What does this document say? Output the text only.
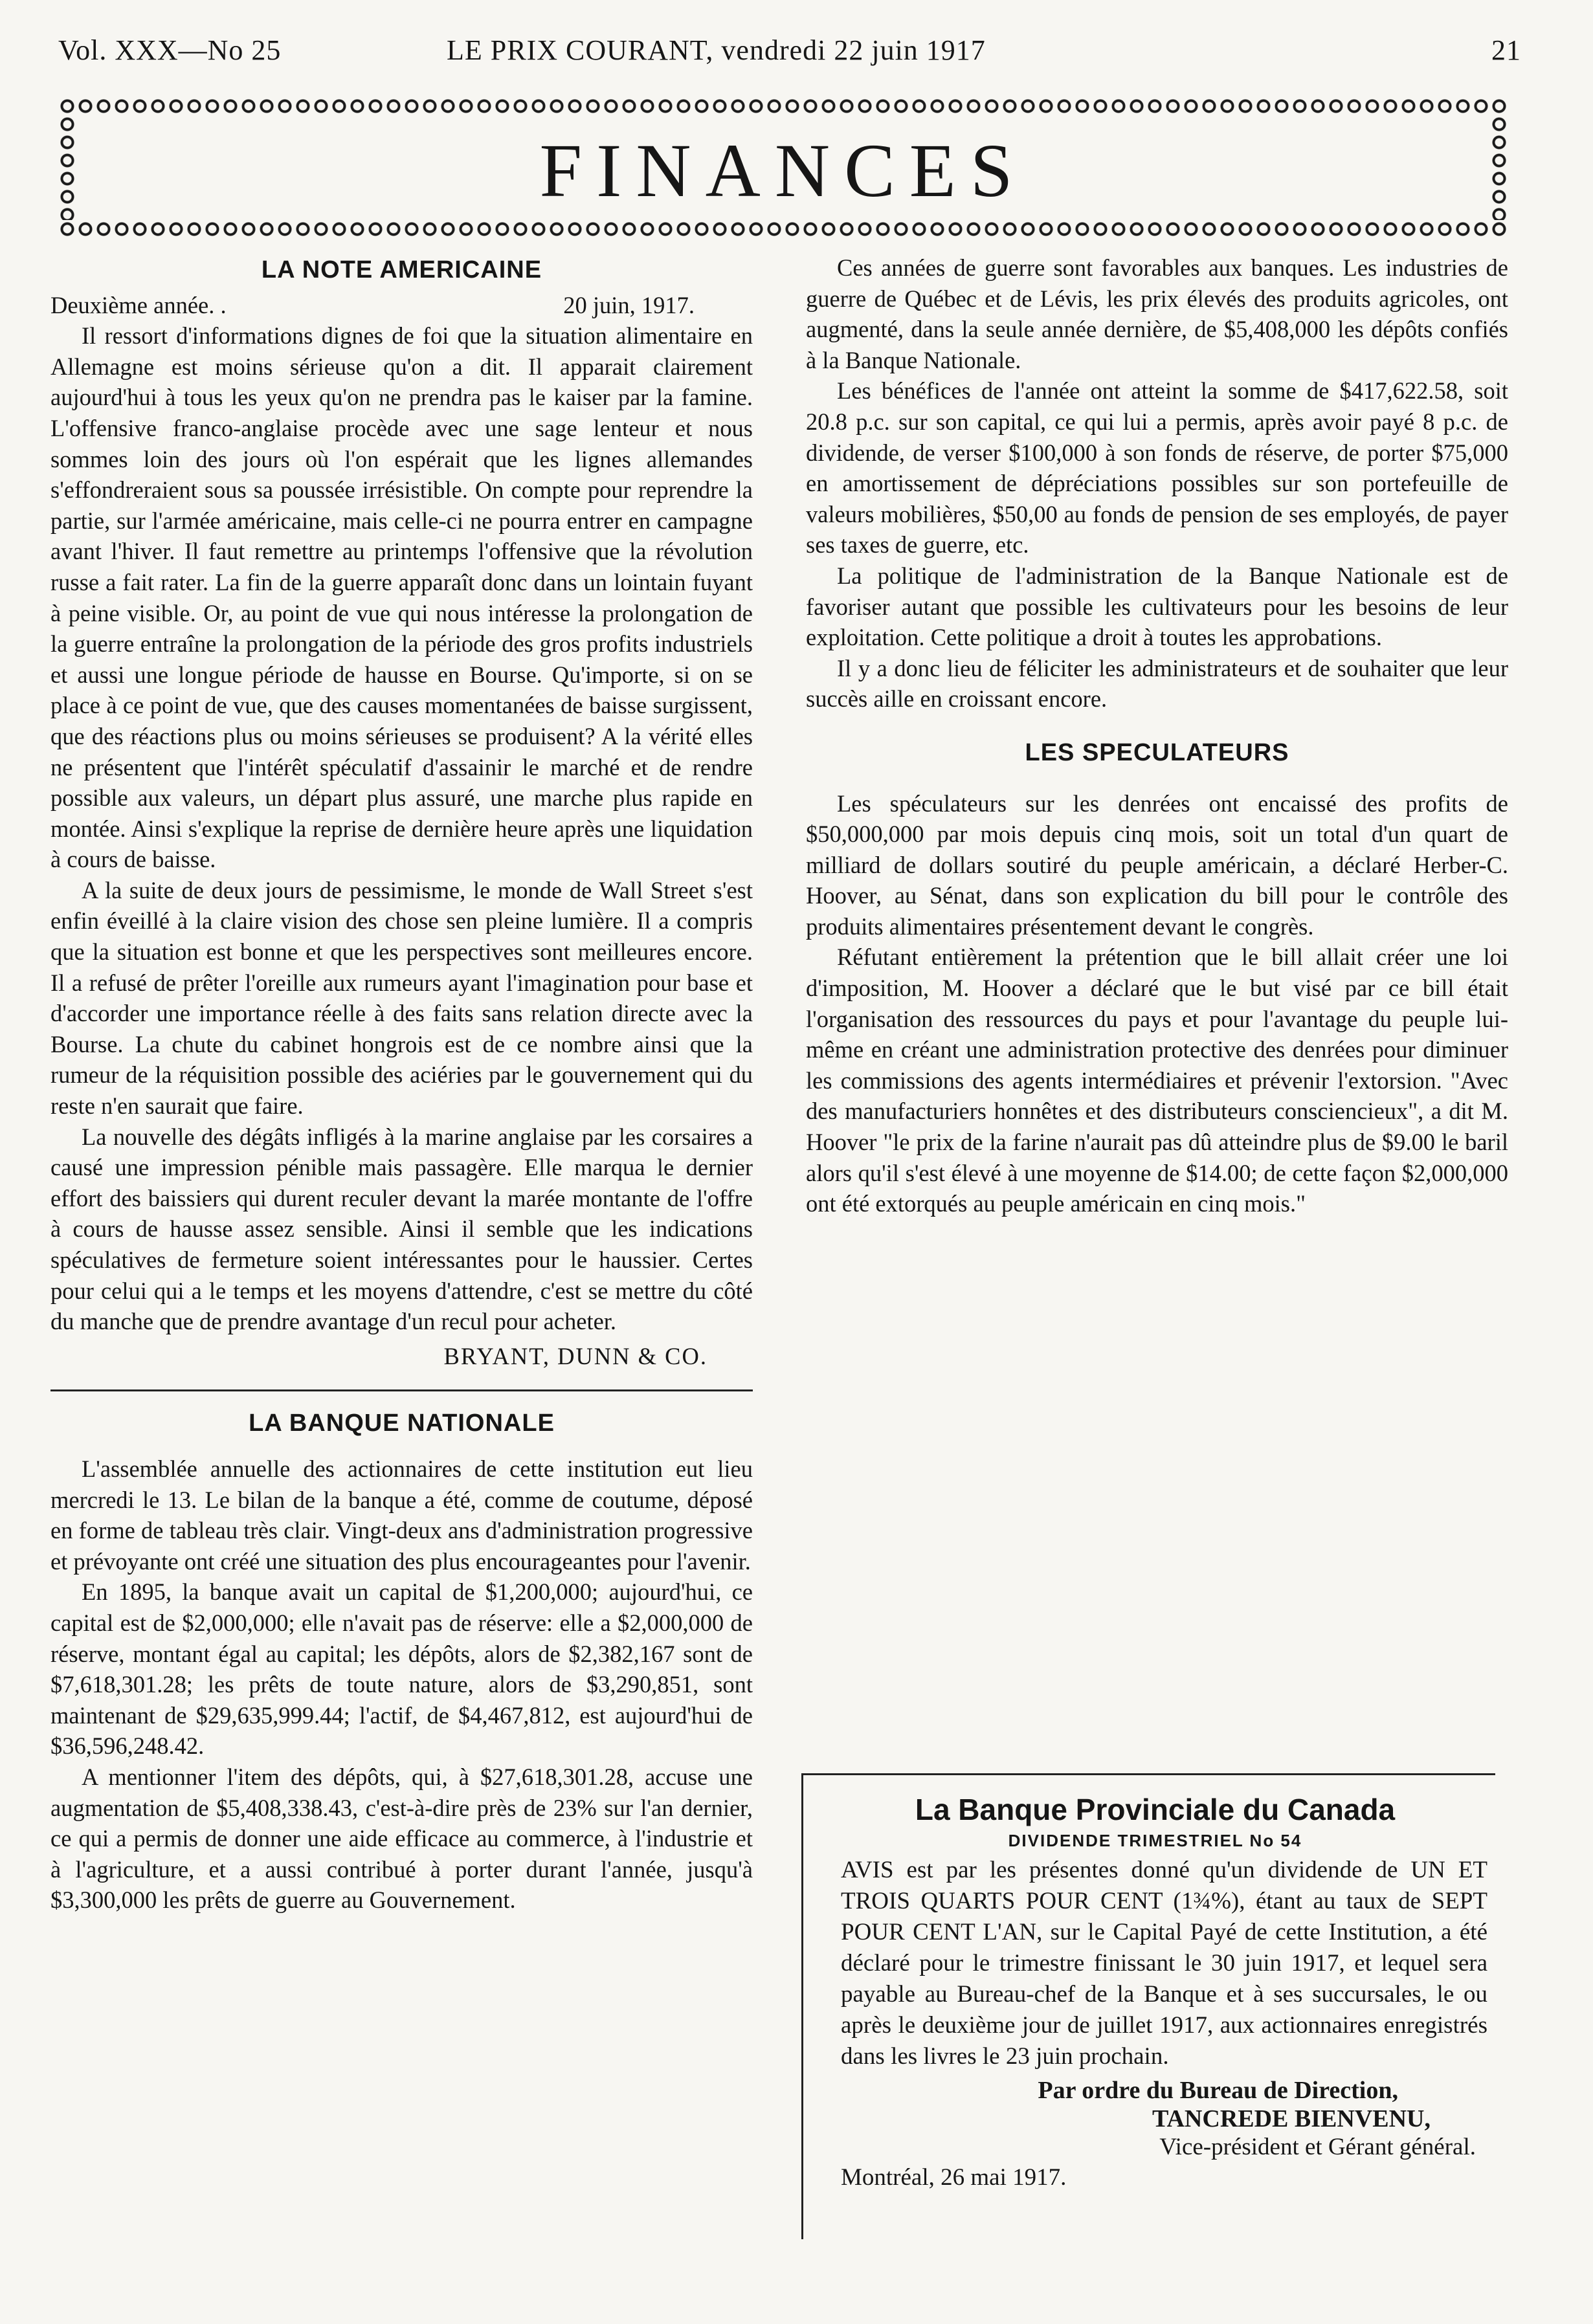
Vol. XXX—No 25	LE PRIX COURANT, vendredi 22 juin 1917	21
FINANCES
LA NOTE AMERICAINE
Deuxième année. .	20 juin, 1917.

Il ressort d'informations dignes de foi que la situation alimentaire en Allemagne est moins sérieuse qu'on a dit. Il apparait clairement aujourd'hui à tous les yeux qu'on ne prendra pas le kaiser par la famine. L'offensive franco-anglaise procède avec une sage lenteur et nous sommes loin des jours où l'on espérait que les lignes allemandes s'effondreraient sous sa poussée irrésistible. On compte pour reprendre la partie, sur l'armée américaine, mais celle-ci ne pourra entrer en campagne avant l'hiver. Il faut remettre au printemps l'offensive que la révolution russe a fait rater. La fin de la guerre apparaît donc dans un lointain fuyant à peine visible. Or, au point de vue qui nous intéresse la prolongation de la guerre entraîne la prolongation de la période des gros profits industriels et aussi une longue période de hausse en Bourse. Qu'importe, si on se place à ce point de vue, que des causes momentanées de baisse surgissent, que des réactions plus ou moins sérieuses se produisent? A la vérité elles ne présentent que l'intérêt spéculatif d'assainir le marché et de rendre possible aux valeurs, un départ plus assuré, une marche plus rapide en montée. Ainsi s'explique la reprise de dernière heure après une liquidation à cours de baisse.

A la suite de deux jours de pessimisme, le monde de Wall Street s'est enfin éveillé à la claire vision des chose sen pleine lumière. Il a compris que la situation est bonne et que les perspectives sont meilleures encore. Il a refusé de prêter l'oreille aux rumeurs ayant l'imagination pour base et d'accorder une importance réelle à des faits sans relation directe avec la Bourse. La chute du cabinet hongrois est de ce nombre ainsi que la rumeur de la réquisition possible des aciéries par le gouvernement qui du reste n'en saurait que faire.

La nouvelle des dégâts infligés à la marine anglaise par les corsaires a causé une impression pénible mais passagère. Elle marqua le dernier effort des baissiers qui durent reculer devant la marée montante de l'offre à cours de hausse assez sensible. Ainsi il semble que les indications spéculatives de fermeture soient intéressantes pour le haussier. Certes pour celui qui a le temps et les moyens d'attendre, c'est se mettre du côté du manche que de prendre avantage d'un recul pour acheter.

BRYANT, DUNN & CO.
LA BANQUE NATIONALE

L'assemblée annuelle des actionnaires de cette institution eut lieu mercredi le 13. Le bilan de la banque a été, comme de coutume, déposé en forme de tableau très clair. Vingt-deux ans d'administration progressive et prévoyante ont créé une situation des plus encourageantes pour l'avenir.

En 1895, la banque avait un capital de $1,200,000; aujourd'hui, ce capital est de $2,000,000; elle n'avait pas de réserve: elle a $2,000,000 de réserve, montant égal au capital; les dépôts, alors de $2,382,167 sont de $7,618,301.28; les prêts de toute nature, alors de $3,290,851, sont maintenant de $29,635,999.44; l'actif, de $4,467,812, est aujourd'hui de $36,596,248.42.

A mentionner l'item des dépôts, qui, à $27,618,301.28, accuse une augmentation de $5,408,338.43, c'est-à-dire près de 23% sur l'an dernier, ce qui a permis de donner une aide efficace au commerce, à l'industrie et à l'agriculture, et a aussi contribué à porter durant l'année, jusqu'à $3,300,000 les prêts de guerre au Gouvernement.

Ces années de guerre sont favorables aux banques. Les industries de guerre de Québec et de Lévis, les prix élevés des produits agricoles, ont augmenté, dans la seule année dernière, de $5,408,000 les dépôts confiés à la Banque Nationale.

Les bénéfices de l'année ont atteint la somme de $417,622.58, soit 20.8 p.c. sur son capital, ce qui lui a permis, après avoir payé 8 p.c. de dividende, de verser $100,000 à son fonds de réserve, de porter $75,000 en amortissement de dépréciations possibles sur son portefeuille de valeurs mobilières, $50,00 au fonds de pension de ses employés, de payer ses taxes de guerre, etc.

La politique de l'administration de la Banque Nationale est de favoriser autant que possible les cultivateurs pour les besoins de leur exploitation. Cette politique a droit à toutes les approbations.

Il y a donc lieu de féliciter les administrateurs et de souhaiter que leur succès aille en croissant encore.

LES SPECULATEURS

Les spéculateurs sur les denrées ont encaissé des profits de $50,000,000 par mois depuis cinq mois, soit un total d'un quart de milliard de dollars soutiré du peuple américain, a déclaré Herber-C. Hoover, au Sénat, dans son explication du bill pour le contrôle des produits alimentaires présentement devant le congrès.

Réfutant entièrement la prétention que le bill allait créer une loi d'imposition, M. Hoover a déclaré que le but visé par ce bill était l'organisation des ressources du pays et pour l'avantage du peuple lui-même en créant une administration protective des denrées pour diminuer les commissions des agents intermédiaires et prévenir l'extorsion. "Avec des manufacturiers honnêtes et des distributeurs consciencieux", a dit M. Hoover "le prix de la farine n'aurait pas dû atteindre plus de $9.00 le baril alors qu'il s'est élevé à une moyenne de $14.00; de cette façon $2,000,000 ont été extorqués au peuple américain en cinq mois."

La Banque Provinciale du Canada
DIVIDENDE TRIMESTRIEL No 54
AVIS est par les présentes donné qu'un dividende de UN ET TROIS QUARTS POUR CENT (1¾%), étant au taux de SEPT POUR CENT L'AN, sur le Capital Payé de cette Institution, a été déclaré pour le trimestre finissant le 30 juin 1917, et lequel sera payable au Bureau-chef de la Banque et à ses succursales, le ou après le deuxième jour de juillet 1917, aux actionnaires enregistrés dans les livres le 23 juin prochain.
Par ordre du Bureau de Direction,
TANCREDE BIENVENU,
Vice-président et Gérant général.
Montréal, 26 mai 1917.
